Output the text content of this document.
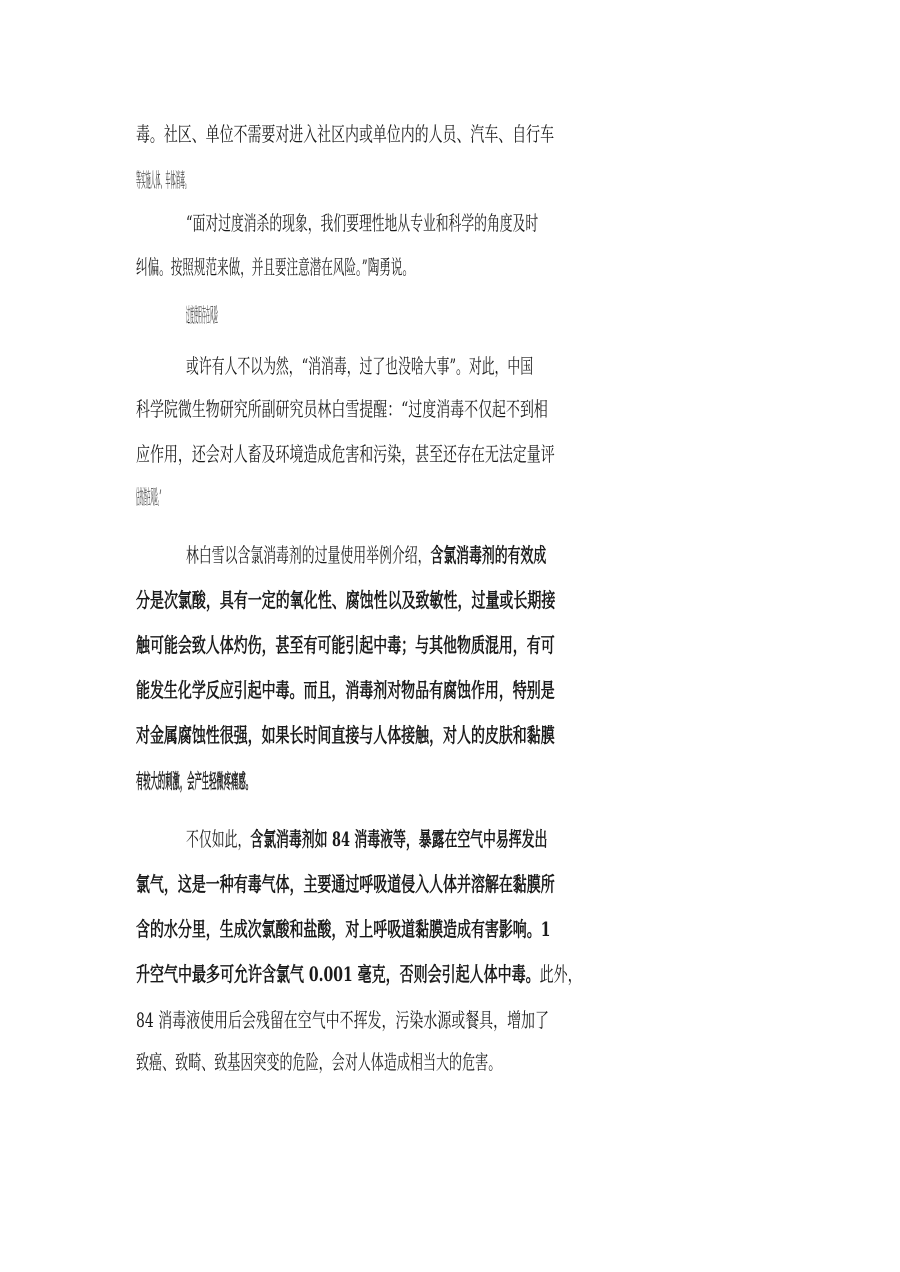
毒。社区、单位不需要对进入社区内或单位内的人员、汽车、自行车
等实施人体、车体消毒。
“面对过度消杀的现象，我们要理性地从专业和科学的角度及时
纠偏。按照规范来做，并且要注意潜在风险。”陶勇说。
过度使用存在风险
或许有人不以为然，“消消毒，过了也没啥大事”。对此，中国
科学院微生物研究所副研究员林白雪提醒：“过度消毒不仅起不到相
应作用，还会对人畜及环境造成危害和污染，甚至还存在无法定量评
估的潜在风险。”
林白雪以含氯消毒剂的过量使用举例介绍，含氯消毒剂的有效成
分是次氯酸，具有一定的氧化性、腐蚀性以及致敏性，过量或长期接
触可能会致人体灼伤，甚至有可能引起中毒；与其他物质混用，有可
能发生化学反应引起中毒。而且，消毒剂对物品有腐蚀作用，特别是
对金属腐蚀性很强，如果长时间直接与人体接触，对人的皮肤和黏膜
有较大的刺激，会产生轻微疼痛感。
不仅如此，含氯消毒剂如 84 消毒液等，暴露在空气中易挥发出
氯气，这是一种有毒气体，主要通过呼吸道侵入人体并溶解在黏膜所
含的水分里，生成次氯酸和盐酸，对上呼吸道黏膜造成有害影响。1
升空气中最多可允许含氯气 0.001 毫克，否则会引起人体中毒。此外，
84 消毒液使用后会残留在空气中不挥发，污染水源或餐具，增加了
致癌、致畸、致基因突变的危险，会对人体造成相当大的危害。
